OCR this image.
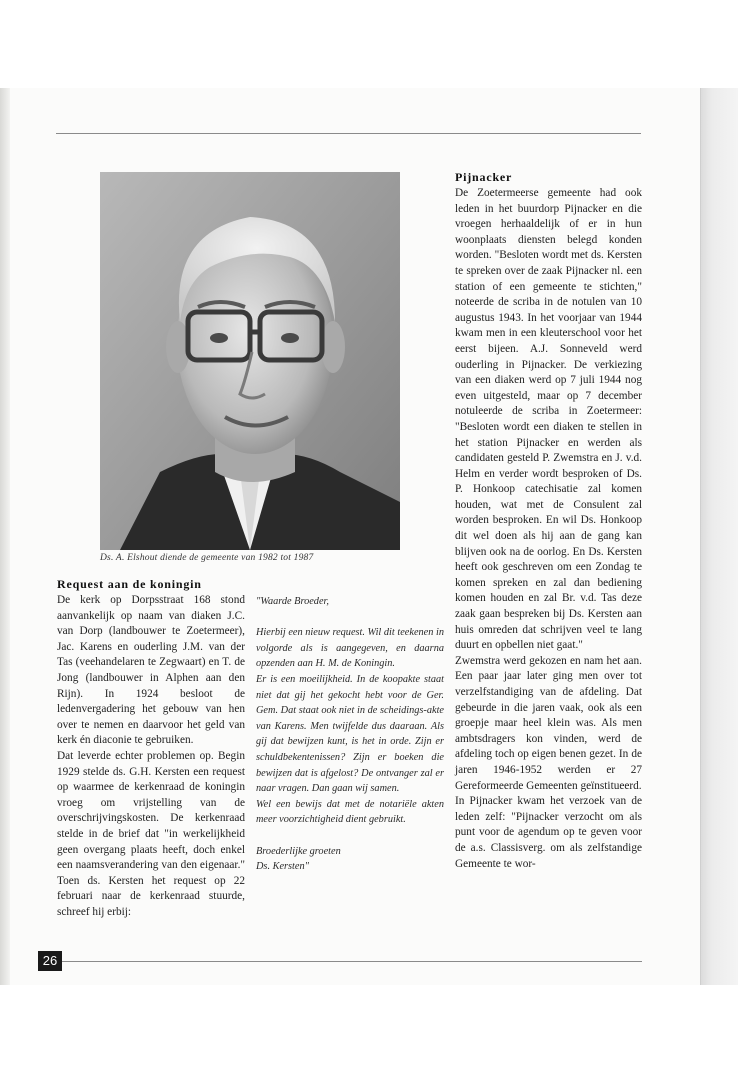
Ds. A. Elshout diende de gemeente van 1982 tot 1987
Request aan de koningin

De kerk op Dorpsstraat 168 stond aanvankelijk op naam van diaken J.C. van Dorp (landbouwer te Zoetermeer), Jac. Karens en ouderling J.M. van der Tas (veehandelaren te Zegwaart) en T. de Jong (landbouwer in Alphen aan den Rijn). In 1924 besloot de ledenvergadering het gebouw van hen over te nemen en daarvoor het geld van kerk én diaconie te gebruiken.

Dat leverde echter problemen op. Begin 1929 stelde ds. G.H. Kersten een request op waarmee de kerkenraad de koningin vroeg om vrijstelling van de overschrijvingskosten. De kerkenraad stelde in de brief dat "in werkelijkheid geen overgang plaats heeft, doch enkel een naamsverandering van den eigenaar." Toen ds. Kersten het request op 22 februari naar de kerkenraad stuurde, schreef hij erbij:

"Waarde Broeder,

Hierbij een nieuw request. Wil dit teekenen in volgorde als is aangegeven, en daarna opzenden aan H. M. de Koningin.

Er is een moeilijkheid. In de koopakte staat niet dat gij het gekocht hebt voor de Ger. Gem. Dat staat ook niet in de scheidings-akte van Karens. Men twijfelde dus daaraan. Als gij dat bewijzen kunt, is het in orde. Zijn er schuldbekentenissen? Zijn er boeken die bewijzen dat is afgelost? De ontvanger zal er naar vragen. Dan gaan wij samen.

Wel een bewijs dat met de notariële akten meer voorzichtigheid dient gebruikt.

Broederlijke groeten

Ds. Kersten"

Pijnacker

De Zoetermeerse gemeente had ook leden in het buurdorp Pijnacker en die vroegen herhaaldelijk of er in hun woonplaats diensten belegd konden worden. "Besloten wordt met ds. Kersten te spreken over de zaak Pijnacker nl. een station of een gemeente te stichten," noteerde de scriba in de notulen van 10 augustus 1943. In het voorjaar van 1944 kwam men in een kleuterschool voor het eerst bijeen. A.J. Sonneveld werd ouderling in Pijnacker. De verkiezing van een diaken werd op 7 juli 1944 nog even uitgesteld, maar op 7 december notuleerde de scriba in Zoetermeer: "Besloten wordt een diaken te stellen in het station Pijnacker en werden als candidaten gesteld P. Zwemstra en J. v.d. Helm en verder wordt besproken of Ds. P. Honkoop catechisatie zal komen houden, wat met de Consulent zal worden besproken. En wil Ds. Honkoop dit wel doen als hij aan de gang kan blijven ook na de oorlog. En Ds. Kersten heeft ook geschreven om een Zondag te komen spreken en zal dan bediening komen houden en zal Br. v.d. Tas deze zaak gaan bespreken bij Ds. Kersten aan huis omreden dat schrijven veel te lang duurt en opbellen niet gaat."

Zwemstra werd gekozen en nam het aan. Een paar jaar later ging men over tot verzelfstandiging van de afdeling. Dat gebeurde in die jaren vaak, ook als een groepje maar heel klein was. Als men ambtsdragers kon vinden, werd de afdeling toch op eigen benen gezet. In de jaren 1946-1952 werden er 27 Gereformeerde Gemeenten geïnstitueerd.

In Pijnacker kwam het verzoek van de leden zelf: "Pijnacker verzocht om als punt voor de agendum op te geven voor de a.s. Classisverg. om als zelfstandige Gemeente te wor-

26
